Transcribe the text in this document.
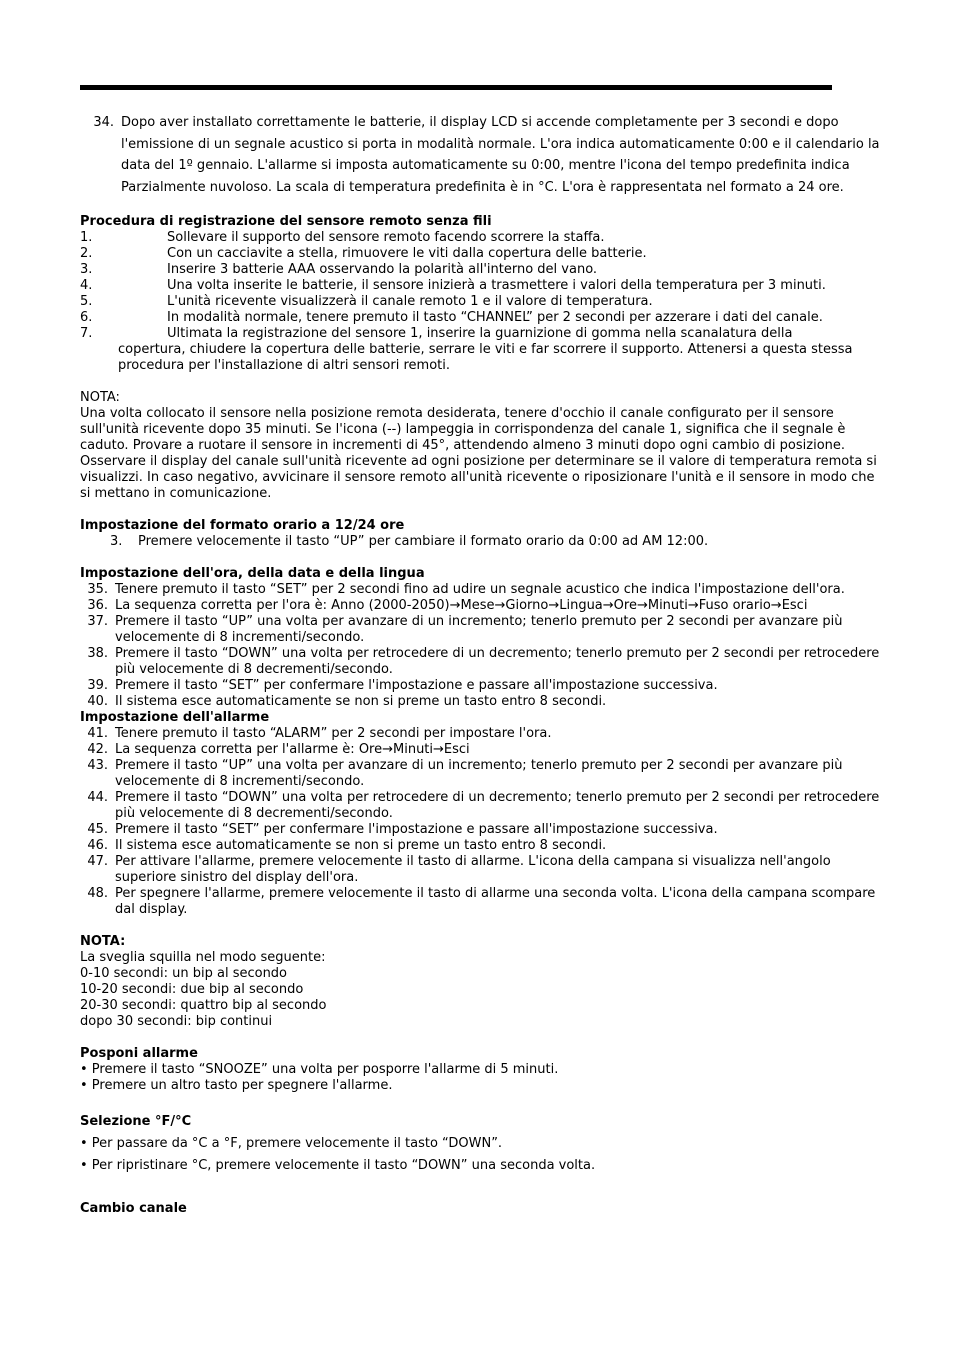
34. Dopo aver installato correttamente le batterie, il display LCD si accende completamente per 3 secondi e dopo l'emissione di un segnale acustico si porta in modalità normale. L'ora indica automaticamente 0:00 e il calendario la data del 1º gennaio. L'allarme si imposta automaticamente su 0:00, mentre l'icona del tempo predefinita indica Parzialmente nuvoloso. La scala di temperatura predefinita è in °C. L'ora è rappresentata nel formato a 24 ore.
Procedura di registrazione del sensore remoto senza fili
1.	Sollevare il supporto del sensore remoto facendo scorrere la staffa.
2.	Con un cacciavite a stella, rimuovere le viti dalla copertura delle batterie.
3.	Inserire 3 batterie AAA osservando la polarità all'interno del vano.
4.	Una volta inserite le batterie, il sensore inizierà a trasmettere i valori della temperatura per 3 minuti.
5.	L'unità ricevente visualizzerà il canale remoto 1 e il valore di temperatura.
6.	In modalità normale, tenere premuto il tasto “CHANNEL” per 2 secondi per azzerare i dati del canale.
7.	Ultimata la registrazione del sensore 1, inserire la guarnizione di gomma nella scanalatura della
copertura, chiudere la copertura delle batterie, serrare le viti e far scorrere il supporto. Attenersi a questa stessa procedura per l'installazione di altri sensori remoti.
NOTA:
Una volta collocato il sensore nella posizione remota desiderata, tenere d'occhio il canale configurato per il sensore sull'unità ricevente dopo 35 minuti. Se l'icona (--) lampeggia in corrispondenza del canale 1, significa che il segnale è caduto. Provare a ruotare il sensore in incrementi di 45°, attendendo almeno 3 minuti dopo ogni cambio di posizione. Osservare il display del canale sull'unità ricevente ad ogni posizione per determinare se il valore di temperatura remota si visualizzi. In caso negativo, avvicinare il sensore remoto all'unità ricevente o riposizionare l'unità e il sensore in modo che si mettano in comunicazione.
Impostazione del formato orario a 12/24 ore
3.	Premere velocemente il tasto “UP” per cambiare il formato orario da 0:00 ad AM 12:00.
Impostazione dell'ora, della data e della lingua
35. Tenere premuto il tasto “SET” per 2 secondi fino ad udire un segnale acustico che indica l'impostazione dell'ora.
36. La sequenza corretta per l'ora è: Anno (2000-2050)→Mese→Giorno→Lingua→Ore→Minuti→Fuso orario→Esci
37. Premere il tasto “UP” una volta per avanzare di un incremento; tenerlo premuto per 2 secondi per avanzare più velocemente di 8 incrementi/secondo.
38. Premere il tasto “DOWN” una volta per retrocedere di un decremento; tenerlo premuto per 2 secondi per retrocedere più velocemente di 8 decrementi/secondo.
39. Premere il tasto “SET” per confermare l'impostazione e passare all'impostazione successiva.
40. Il sistema esce automaticamente se non si preme un tasto entro 8 secondi.
Impostazione dell'allarme
41. Tenere premuto il tasto “ALARM” per 2 secondi per impostare l'ora.
42. La sequenza corretta per l'allarme è: Ore→Minuti→Esci
43. Premere il tasto “UP” una volta per avanzare di un incremento; tenerlo premuto per 2 secondi per avanzare più velocemente di 8 incrementi/secondo.
44. Premere il tasto “DOWN” una volta per retrocedere di un decremento; tenerlo premuto per 2 secondi per retrocedere più velocemente di 8 decrementi/secondo.
45. Premere il tasto “SET” per confermare l'impostazione e passare all'impostazione successiva.
46. Il sistema esce automaticamente se non si preme un tasto entro 8 secondi.
47. Per attivare l'allarme, premere velocemente il tasto di allarme. L'icona della campana si visualizza nell'angolo superiore sinistro del display dell'ora.
48. Per spegnere l'allarme, premere velocemente il tasto di allarme una seconda volta. L'icona della campana scompare dal display.
NOTA:
La sveglia squilla nel modo seguente:
0-10 secondi: un bip al secondo
10-20 secondi: due bip al secondo
20-30 secondi: quattro bip al secondo
dopo 30 secondi: bip continui
Posponi allarme
• Premere il tasto “SNOOZE” una volta per posporre l'allarme di 5 minuti.
• Premere un altro tasto per spegnere l'allarme.
Selezione °F/°C
• Per passare da °C a °F, premere velocemente il tasto “DOWN”.
• Per ripristinare °C, premere velocemente il tasto “DOWN” una seconda volta.
Cambio canale
